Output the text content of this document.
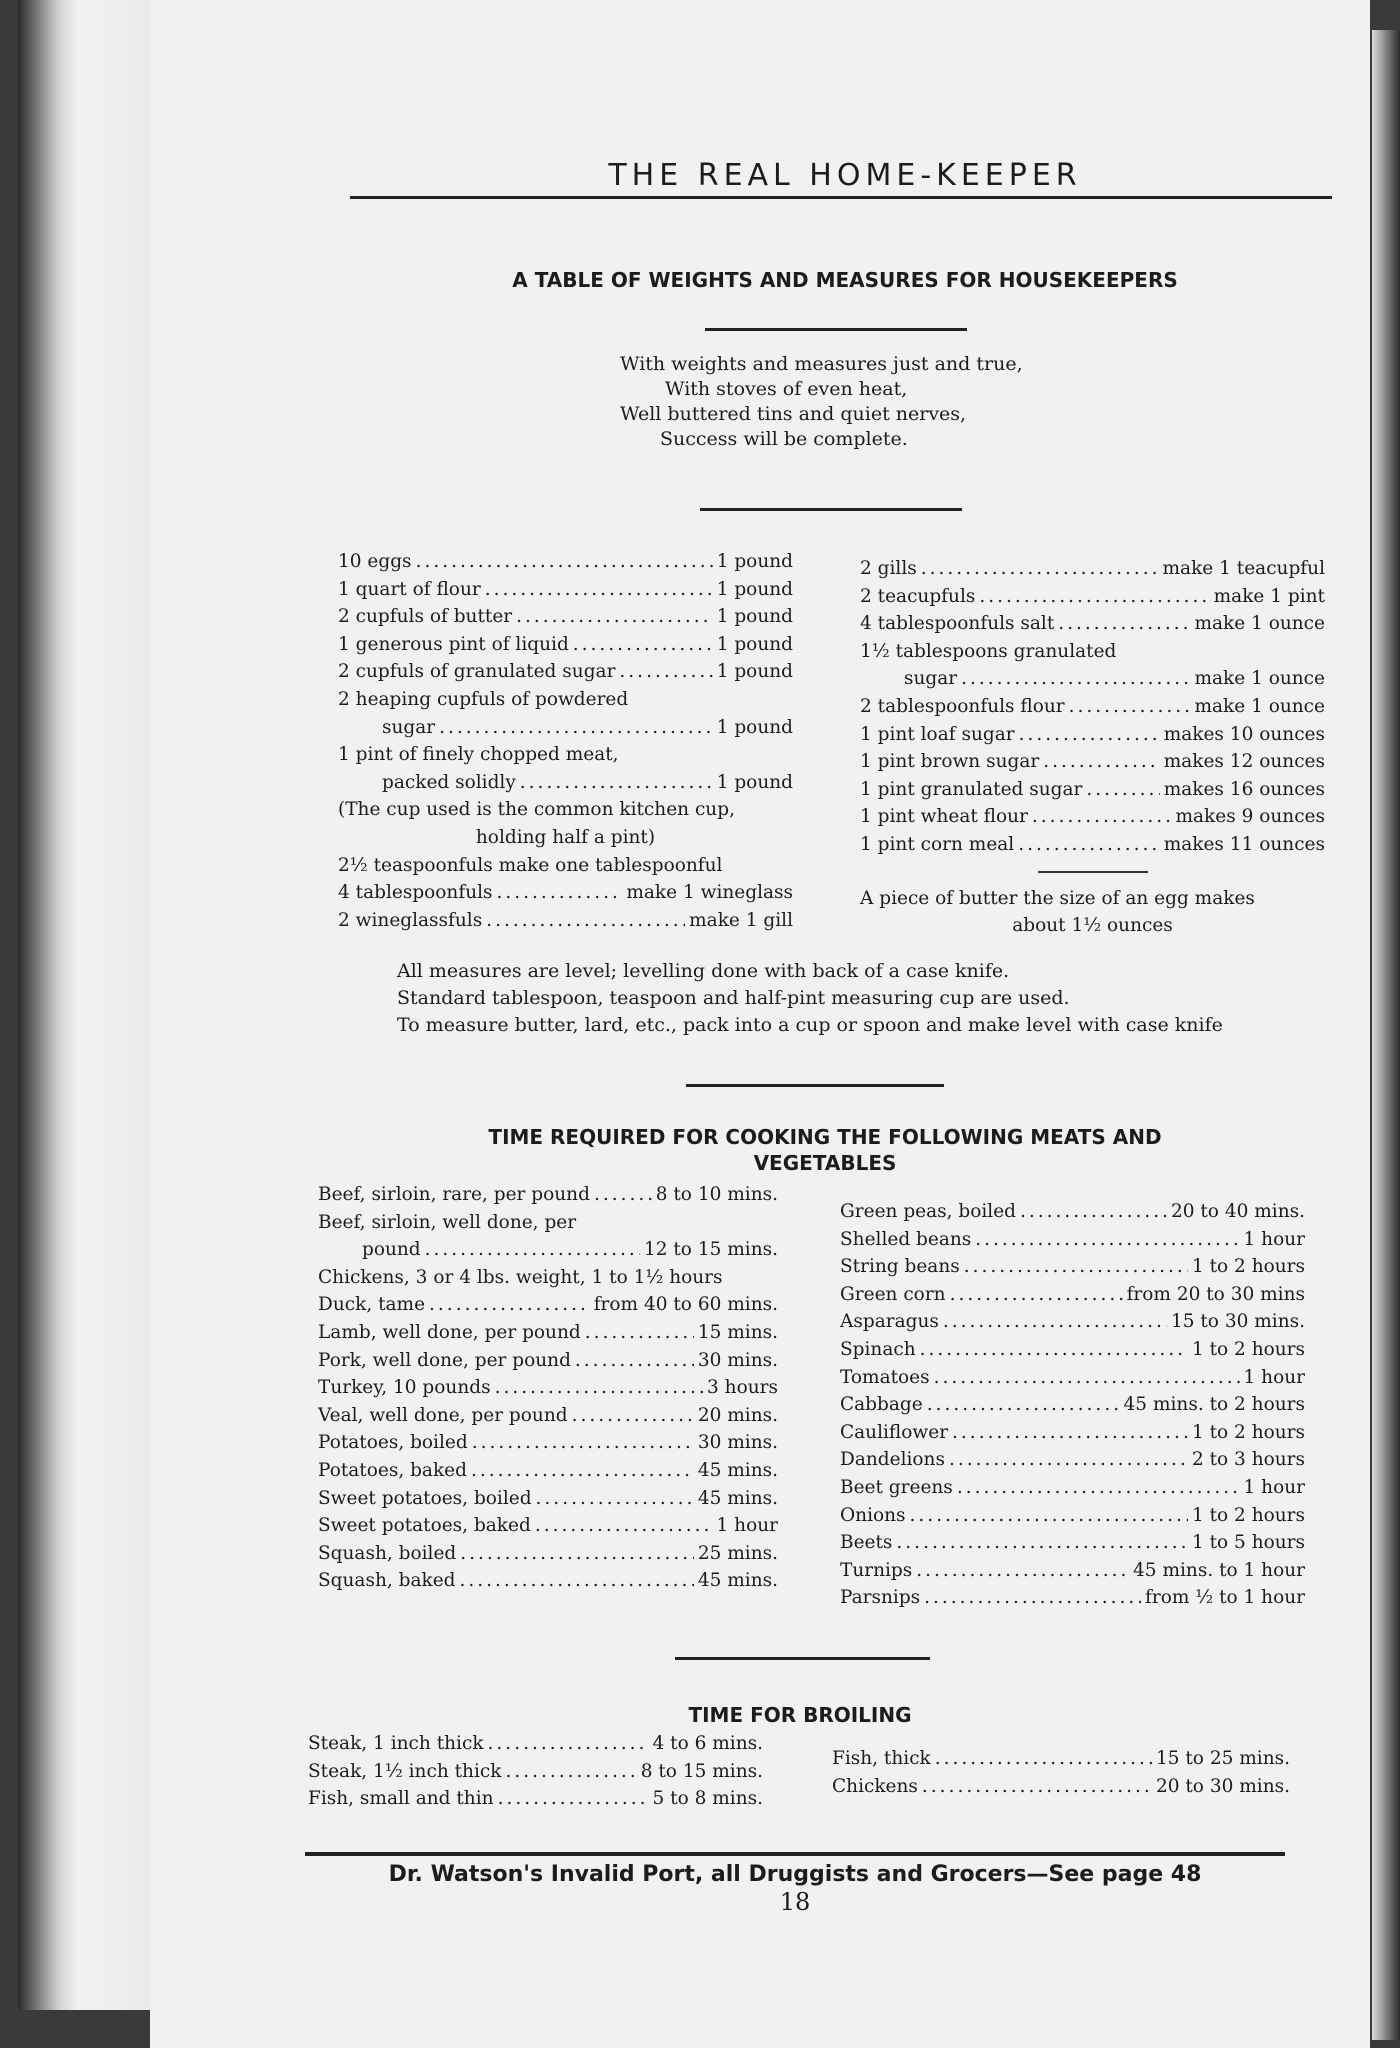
THE REAL HOME-KEEPER
A TABLE OF WEIGHTS AND MEASURES FOR HOUSEKEEPERS
With weights and measures just and true,
With stoves of even heat,
Well buttered tins and quiet nerves,
Success will be complete.
10 eggs .....	1 pound
1 quart of flour .....	1 pound
2 cupfuls of butter .....	1 pound
1 generous pint of liquid .....	1 pound
2 cupfuls of granulated sugar .....	1 pound
2 heaping cupfuls of powdered
sugar .....	1 pound
1 pint of finely chopped meat,
packed solidly .....	1 pound
(The cup used is the common kitchen cup,
holding half a pint)
2½ teaspoonfuls make one tablespoonful
4 tablespoonfuls .....	make 1 wineglass
2 wineglassfuls .....	make 1 gill
2 gills .....	make 1 teacupful
2 teacupfuls .....	make 1 pint
4 tablespoonfuls salt .....	make 1 ounce
1½ tablespoons granulated
sugar .....	make 1 ounce
2 tablespoonfuls flour .....	make 1 ounce
1 pint loaf sugar .....	makes 10 ounces
1 pint brown sugar .....	makes 12 ounces
1 pint granulated sugar .....	makes 16 ounces
1 pint wheat flour .....	makes 9 ounces
1 pint corn meal .....	makes 11 ounces
A piece of butter the size of an egg makes
about 1½ ounces
All measures are level; levelling done with back of a case knife.
Standard tablespoon, teaspoon and half-pint measuring cup are used.
To measure butter, lard, etc., pack into a cup or spoon and make level with case knife
TIME REQUIRED FOR COOKING THE FOLLOWING MEATS AND
VEGETABLES
Beef, sirloin, rare, per pound .....	8 to 10 mins.
Beef, sirloin, well done, per
pound .....	12 to 15 mins.
Chickens, 3 or 4 lbs. weight, 1 to 1½ hours
Duck, tame .....	from 40 to 60 mins.
Lamb, well done, per pound .....	15 mins.
Pork, well done, per pound .....	30 mins.
Turkey, 10 pounds .....	3 hours
Veal, well done, per pound .....	20 mins.
Potatoes, boiled .....	30 mins.
Potatoes, baked .....	45 mins.
Sweet potatoes, boiled .....	45 mins.
Sweet potatoes, baked .....	1 hour
Squash, boiled .....	25 mins.
Squash, baked .....	45 mins.
Green peas, boiled .....	20 to 40 mins.
Shelled beans .....	1 hour
String beans .....	1 to 2 hours
Green corn .....	from 20 to 30 mins
Asparagus .....	15 to 30 mins.
Spinach .....	1 to 2 hours
Tomatoes .....	1 hour
Cabbage .....	45 mins. to 2 hours
Cauliflower .....	1 to 2 hours
Dandelions .....	2 to 3 hours
Beet greens .....	1 hour
Onions .....	1 to 2 hours
Beets .....	1 to 5 hours
Turnips .....	45 mins. to 1 hour
Parsnips .....	from ½ to 1 hour
TIME FOR BROILING
Steak, 1 inch thick .....	4 to 6 mins.
Steak, 1½ inch thick .....	8 to 15 mins.
Fish, small and thin .....	5 to 8 mins.
Fish, thick .....	15 to 25 mins.
Chickens .....	20 to 30 mins.
Dr. Watson's Invalid Port, all Druggists and Grocers—See page 48
18
